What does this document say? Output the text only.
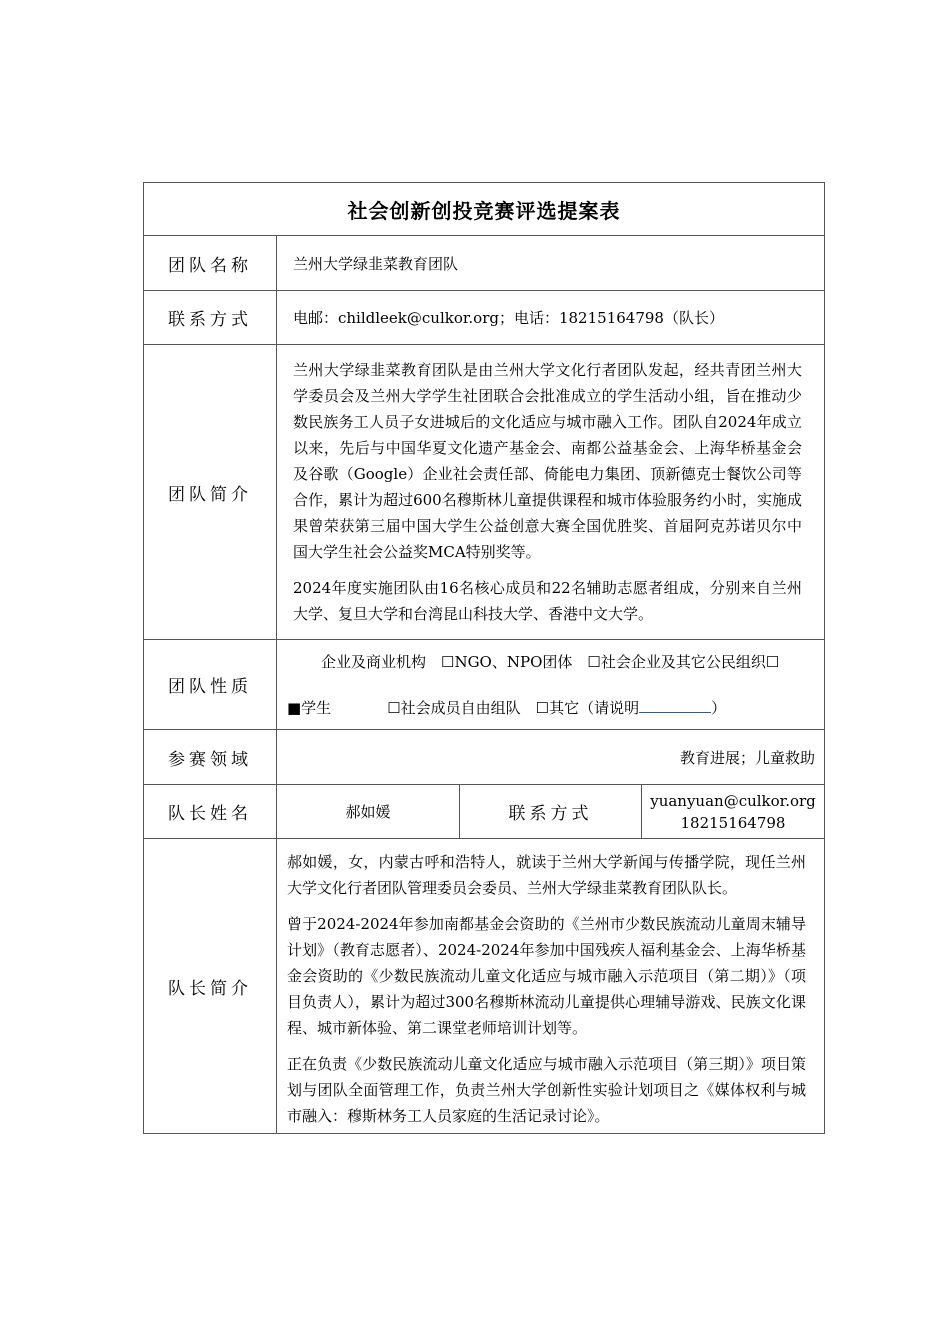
社会创新创投竞赛评选提案表			
团队名称	兰州大学绿韭菜教育团队		
联系方式	电邮：childleek@culkor.org；电话：18215164798（队长）		
团队简介	兰州大学绿韭菜教育团队是由兰州大学文化行者团队发起，经共青团兰州大学委员会及兰州大学学生社团联合会批准成立的学生活动小组，旨在推动少数民族务工人员子女进城后的文化适应与城市融入工作。团队自2024年成立以来，先后与中国华夏文化遗产基金会、南都公益基金会、上海华桥基金会及谷歌（Google）企业社会责任部、倚能电力集团、顶新德克士餐饮公司等合作，累计为超过600名穆斯林儿童提供课程和城市体验服务约小时，实施成果曾荣获第三届中国大学生公益创意大赛全国优胜奖、首届阿克苏诺贝尔中国大学生社会公益奖MCA特别奖等。

2024年度实施团队由16名核心成员和22名辅助志愿者组成，分别来自兰州大学、复旦大学和台湾昆山科技大学、香港中文大学。		

团队性质	企业及商业机构　☐NGO、NPO团体　☐社会企业及其它公民组织☐
■学生 ☐社会成员自由组队　☐其它（请说明 ）		

参赛领域	教育进展；儿童救助		
队长姓名	郝如媛	联系方式	yuanyuan@culkor.org
18215164798

队长简介	郝如媛，女，内蒙古呼和浩特人，就读于兰州大学新闻与传播学院，现任兰州大学文化行者团队管理委员会委员、兰州大学绿韭菜教育团队队长。

曾于2024-2024年参加南都基金会资助的《兰州市少数民族流动儿童周末辅导计划》（教育志愿者）、2024-2024年参加中国残疾人福利基金会、上海华桥基金会资助的《少数民族流动儿童文化适应与城市融入示范项目（第二期）》（项目负责人），累计为超过300名穆斯林流动儿童提供心理辅导游戏、民族文化课程、城市新体验、第二课堂老师培训计划等。

正在负责《少数民族流动儿童文化适应与城市融入示范项目（第三期）》项目策划与团队全面管理工作，负责兰州大学创新性实验计划项目之《媒体权利与城市融入：穆斯林务工人员家庭的生活记录讨论》。		
